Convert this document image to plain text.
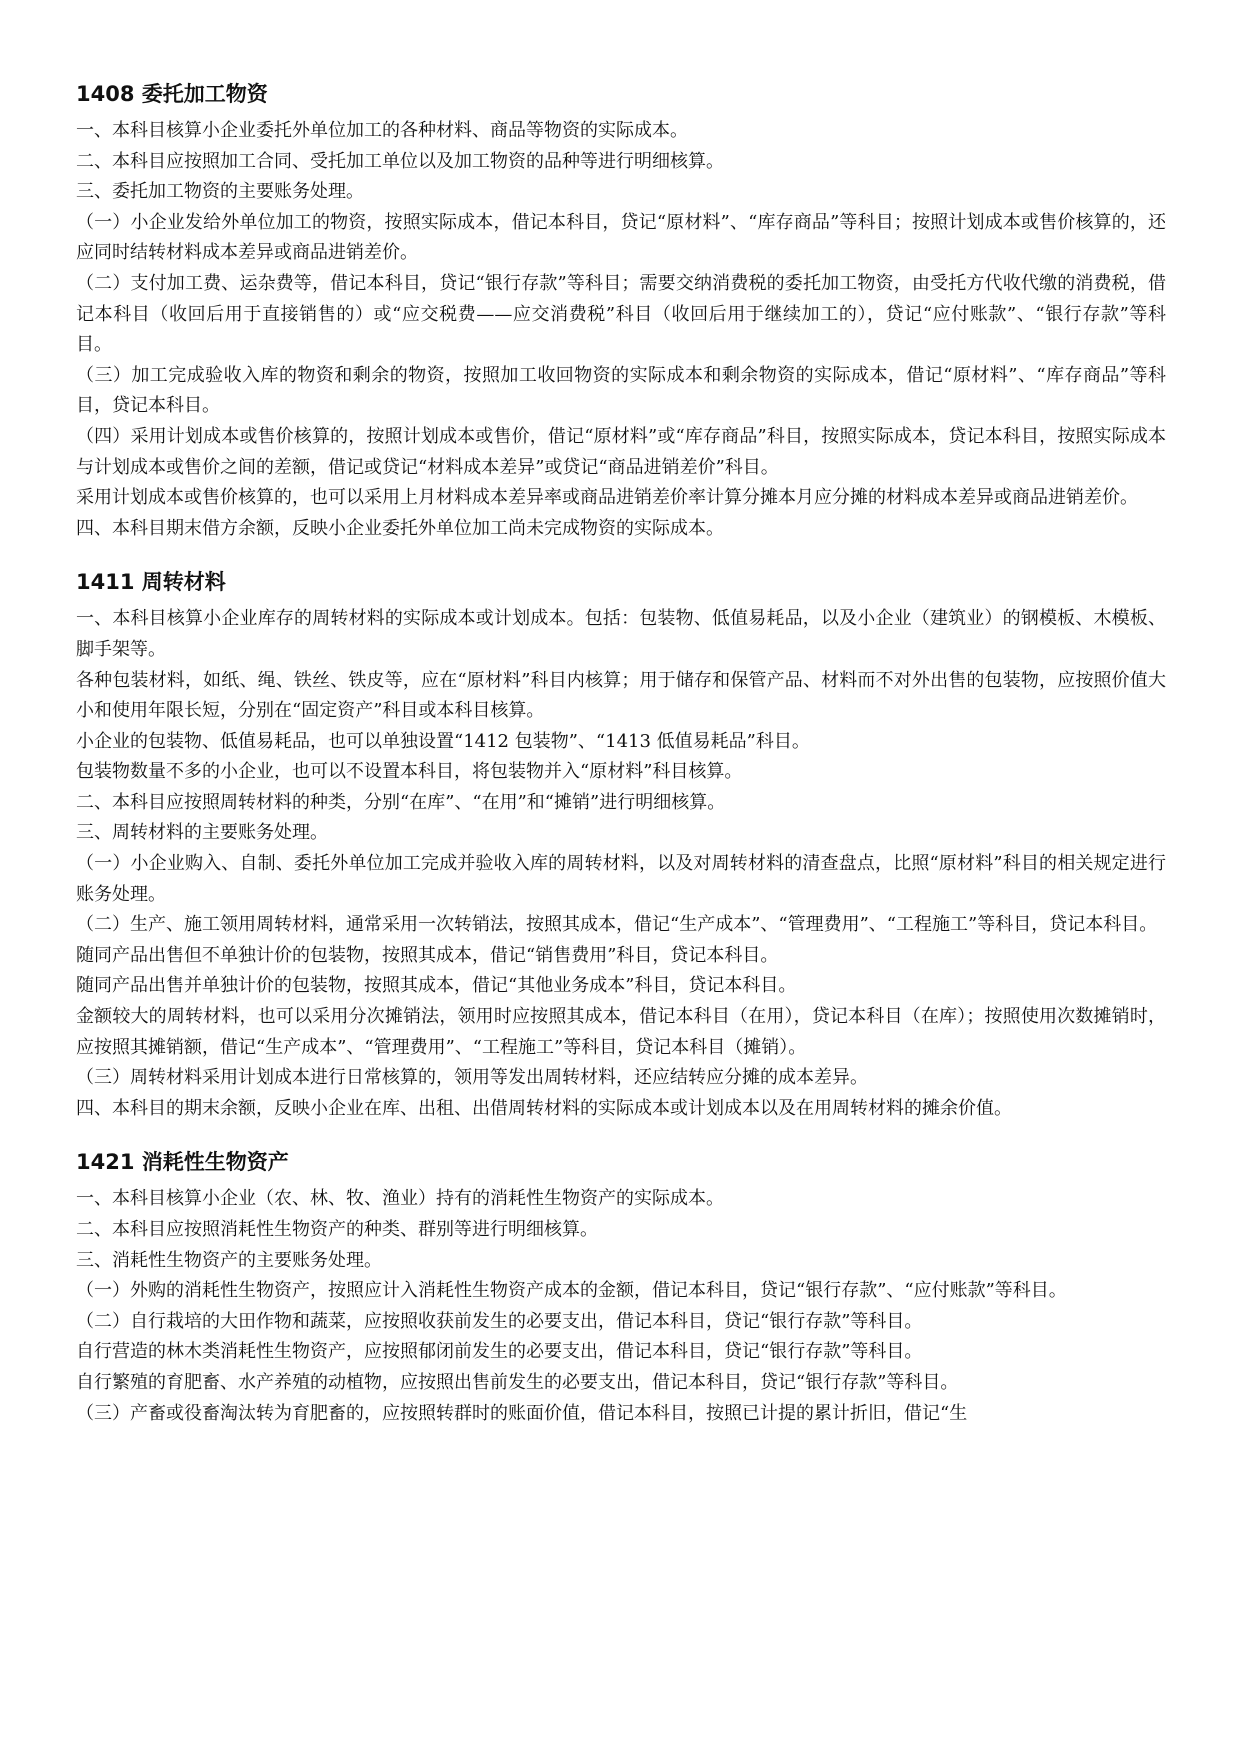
1408 委托加工物资

一、本科目核算小企业委托外单位加工的各种材料、商品等物资的实际成本。

二、本科目应按照加工合同、受托加工单位以及加工物资的品种等进行明细核算。

三、委托加工物资的主要账务处理。

（一）小企业发给外单位加工的物资，按照实际成本，借记本科目，贷记“原材料”、“库存商品”等科目；按照计划成本或售价核算的，还应同时结转材料成本差异或商品进销差价。

（二）支付加工费、运杂费等，借记本科目，贷记“银行存款”等科目；需要交纳消费税的委托加工物资，由受托方代收代缴的消费税，借记本科目（收回后用于直接销售的）或“应交税费——应交消费税”科目（收回后用于继续加工的），贷记“应付账款”、“银行存款”等科目。

（三）加工完成验收入库的物资和剩余的物资，按照加工收回物资的实际成本和剩余物资的实际成本，借记“原材料”、“库存商品”等科目，贷记本科目。

（四）采用计划成本或售价核算的，按照计划成本或售价，借记“原材料”或“库存商品”科目，按照实际成本，贷记本科目，按照实际成本与计划成本或售价之间的差额，借记或贷记“材料成本差异”或贷记“商品进销差价”科目。

采用计划成本或售价核算的，也可以采用上月材料成本差异率或商品进销差价率计算分摊本月应分摊的材料成本差异或商品进销差价。

四、本科目期末借方余额，反映小企业委托外单位加工尚未完成物资的实际成本。

1411 周转材料

一、本科目核算小企业库存的周转材料的实际成本或计划成本。包括：包装物、低值易耗品，以及小企业（建筑业）的钢模板、木模板、脚手架等。

各种包装材料，如纸、绳、铁丝、铁皮等，应在“原材料”科目内核算；用于储存和保管产品、材料而不对外出售的包装物，应按照价值大小和使用年限长短，分别在“固定资产”科目或本科目核算。

小企业的包装物、低值易耗品，也可以单独设置“1412 包装物”、“1413 低值易耗品”科目。

包装物数量不多的小企业，也可以不设置本科目，将包装物并入“原材料”科目核算。

二、本科目应按照周转材料的种类，分别“在库”、“在用”和“摊销”进行明细核算。

三、周转材料的主要账务处理。

（一）小企业购入、自制、委托外单位加工完成并验收入库的周转材料，以及对周转材料的清查盘点，比照“原材料”科目的相关规定进行账务处理。

（二）生产、施工领用周转材料，通常采用一次转销法，按照其成本，借记“生产成本”、“管理费用”、“工程施工”等科目，贷记本科目。

随同产品出售但不单独计价的包装物，按照其成本，借记“销售费用”科目，贷记本科目。

随同产品出售并单独计价的包装物，按照其成本，借记“其他业务成本”科目，贷记本科目。

金额较大的周转材料，也可以采用分次摊销法，领用时应按照其成本，借记本科目（在用），贷记本科目（在库）；按照使用次数摊销时，应按照其摊销额，借记“生产成本”、“管理费用”、“工程施工”等科目，贷记本科目（摊销）。

（三）周转材料采用计划成本进行日常核算的，领用等发出周转材料，还应结转应分摊的成本差异。

四、本科目的期末余额，反映小企业在库、出租、出借周转材料的实际成本或计划成本以及在用周转材料的摊余价值。

1421 消耗性生物资产

一、本科目核算小企业（农、林、牧、渔业）持有的消耗性生物资产的实际成本。

二、本科目应按照消耗性生物资产的种类、群别等进行明细核算。

三、消耗性生物资产的主要账务处理。

（一）外购的消耗性生物资产，按照应计入消耗性生物资产成本的金额，借记本科目，贷记“银行存款”、“应付账款”等科目。

（二）自行栽培的大田作物和蔬菜，应按照收获前发生的必要支出，借记本科目，贷记“银行存款”等科目。

自行营造的林木类消耗性生物资产，应按照郁闭前发生的必要支出，借记本科目，贷记“银行存款”等科目。

自行繁殖的育肥畜、水产养殖的动植物，应按照出售前发生的必要支出，借记本科目，贷记“银行存款”等科目。

（三）产畜或役畜淘汰转为育肥畜的，应按照转群时的账面价值，借记本科目，按照已计提的累计折旧，借记“生
